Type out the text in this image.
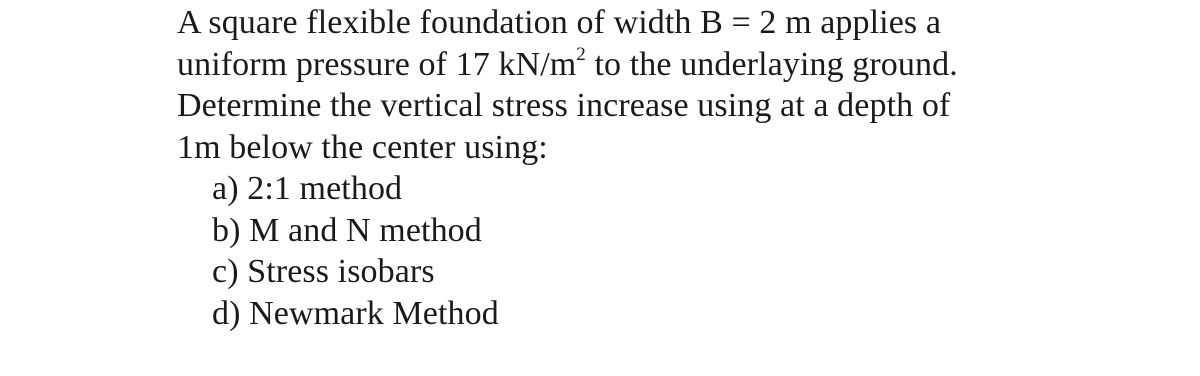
A square flexible foundation of width B = 2 m applies a
uniform pressure of 17 $kN/m^2$ to the underlaying ground.
Determine the vertical stress increase using at a depth of
1m below the center using:
a) 2:1 method
b) M and N method
c) Stress isobars
d) Newmark Method
